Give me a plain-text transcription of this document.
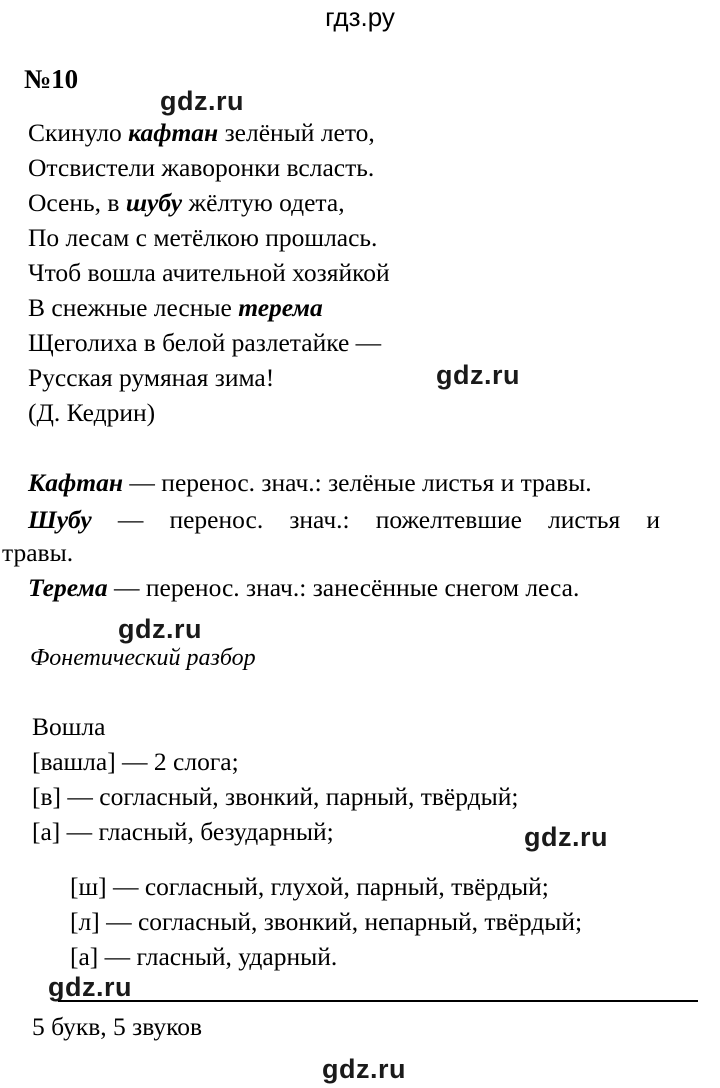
гдз.ру
№10
gdz.ru
Скинуло кафтан зелёный лето,
Отсвистели жаворонки всласть.
Осень, в шубу жёлтую одета,
По лесам с метёлкою прошлась.
Чтоб вошла ачительной хозяйкой
В снежные лесные терема
Щеголиха в белой разлетайке —
Русская румяная зима!
(Д. Кедрин)
gdz.ru
Кафтан — перенос. знач.: зелёные листья и травы.
Шубу — перенос. знач.: пожелтевшие листья и
травы.
Терема — перенос. знач.: занесённые снегом леса.
gdz.ru
Фонетический разбор
Вошла
[вашла] — 2 слога;
[в] — согласный, звонкий, парный, твёрдый;
[а] — гласный, безударный;
[ш] — согласный, глухой, парный, твёрдый;
[л] — согласный, звонкий, непарный, твёрдый;
[а] — гласный, ударный.
gdz.ru
gdz.ru
5 букв, 5 звуков
gdz.ru
